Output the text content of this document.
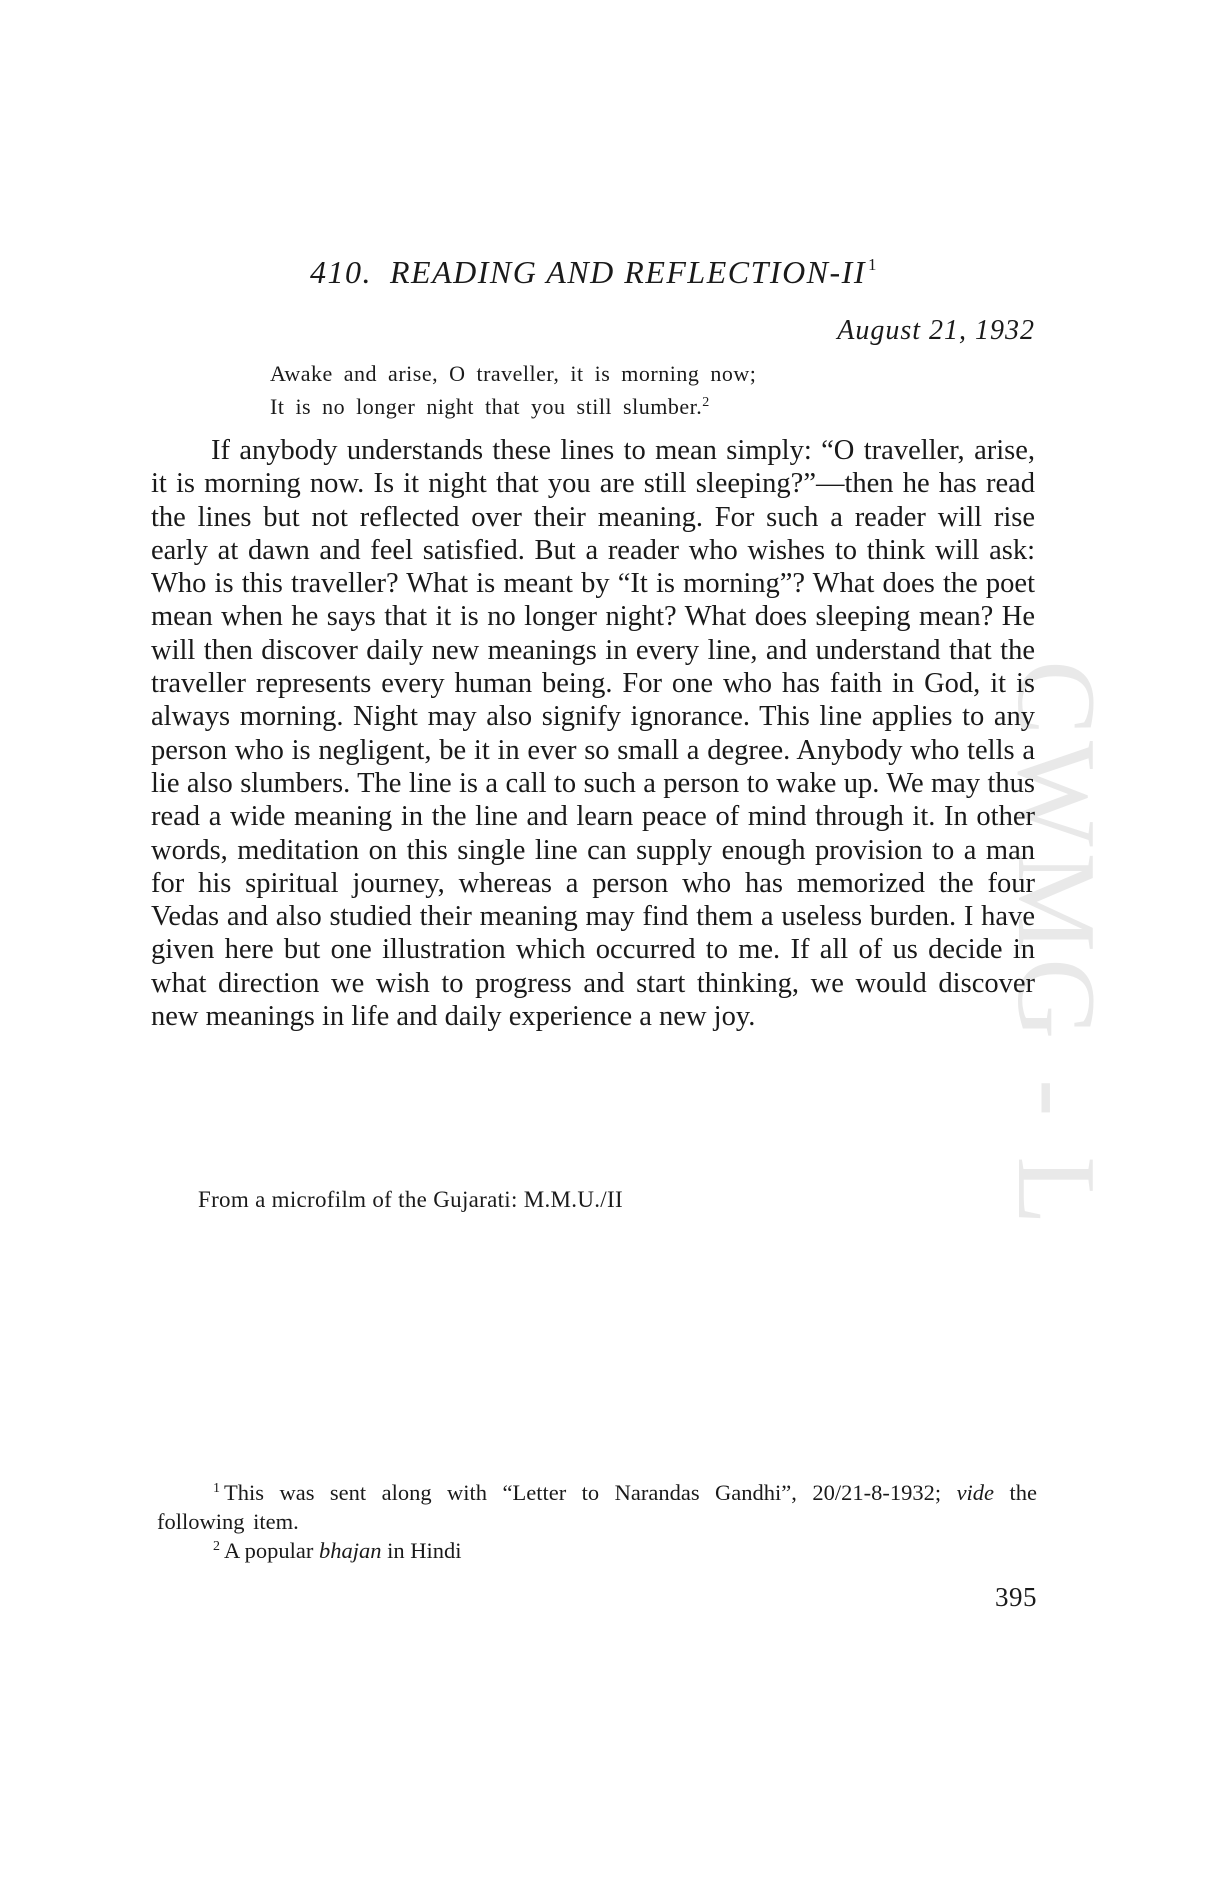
CWMG - L
410. READING AND REFLECTION-II $^1$
August 21, 1932
Awake and arise, O traveller, it is morning now;
It is no longer night that you still slumber.$^2$

If anybody understands these lines to mean simply: “O traveller, arise, it is morning now. Is it night that you are still sleeping?”—then he has read the lines but not reflected over their meaning. For such a reader will rise early at dawn and feel satisfied. But a reader who wishes to think will ask: Who is this traveller? What is meant by “It is morning”? What does the poet mean when he says that it is no longer night? What does sleeping mean? He will then discover daily new meanings in every line, and understand that the traveller represents every human being. For one who has faith in God, it is always morning. Night may also signify ignorance. This line applies to any person who is negligent, be it in ever so small a degree. Anybody who tells a lie also slumbers. The line is a call to such a person to wake up. We may thus read a wide meaning in the line and learn peace of mind through it. In other words, meditation on this single line can supply enough provision to a man for his spiritual journey, whereas a person who has memorized the four Vedas and also studied their meaning may find them a useless burden. I have given here but one illustration which occurred to me. If all of us decide in what direction we wish to progress and start thinking, we would discover new meanings in life and daily experience a new joy.

From a microfilm of the Gujarati: M.M.U./II

$^1$ This was sent along with “Letter to Narandas Gandhi”, 20/21-8-1932; vide the following item.

$^2$ A popular bhajan in Hindi

395
